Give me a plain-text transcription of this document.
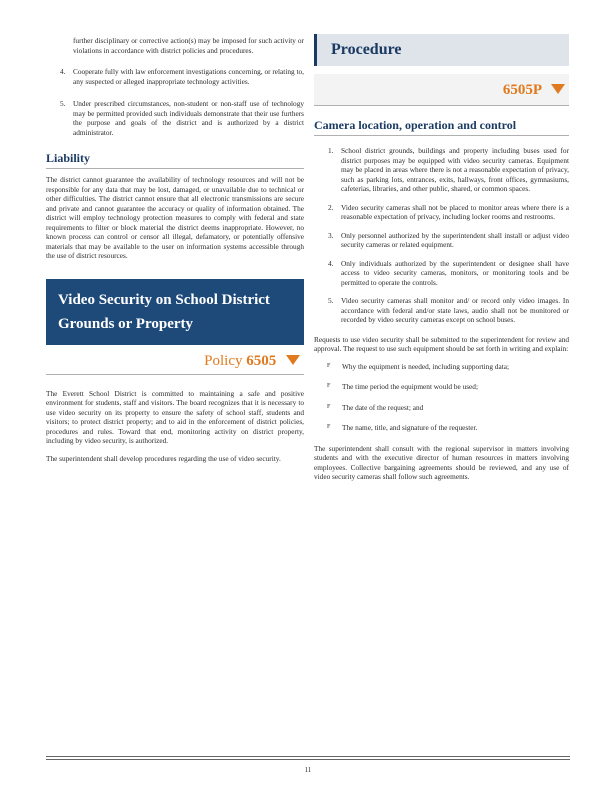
further disciplinary or corrective action(s) may be imposed for such activity or violations in accordance with district policies and procedures.
4. Cooperate fully with law enforcement investigations concerning, or relating to, any suspected or alleged inappropriate technology activities.
5. Under prescribed circumstances, non-student or non-staff use of technology may be permitted provided such individuals demonstrate that their use furthers the purpose and goals of the district and is authorized by a district administrator.
Liability
The district cannot guarantee the availability of technology resources and will not be responsible for any data that may be lost, damaged, or unavailable due to technical or other difficulties. The district cannot ensure that all electronic transmissions are secure and private and cannot guarantee the accuracy or quality of information obtained. The district will employ technology protection measures to comply with federal and state requirements to filter or block material the district deems inappropriate. However, no known process can control or censor all illegal, defamatory, or potentially offensive materials that may be available to the user on information systems accessible through the use of district resources.
Video Security on School District
Grounds or Property
Policy 6505
The Everett School District is committed to maintaining a safe and positive environment for students, staff and visitors. The board recognizes that it is necessary to use video security on its property to ensure the safety of school staff, students and visitors; to protect district property; and to aid in the enforcement of district policies, procedures and rules. Toward that end, monitoring activity on district property, including by video security, is authorized.
The superintendent shall develop procedures regarding the use of video security.
Procedure
6505P
Camera location, operation and control
1. School district grounds, buildings and property including buses used for district purposes may be equipped with video security cameras. Equipment may be placed in areas where there is not a reasonable expectation of privacy, such as parking lots, entrances, exits, hallways, front offices, gymnasiums, cafeterias, libraries, and other public, shared, or common spaces.
2. Video security cameras shall not be placed to monitor areas where there is a reasonable expectation of privacy, including locker rooms and restrooms.
3. Only personnel authorized by the superintendent shall install or adjust video security cameras or related equipment.
4. Only individuals authorized by the superintendent or designee shall have access to video security cameras, monitors, or monitoring tools and be permitted to operate the controls.
5. Video security cameras shall monitor and/ or record only video images. In accordance with federal and/or state laws, audio shall not be monitored or recorded by video security cameras except on school buses.
Requests to use video security shall be submitted to the superintendent for review and approval. The request to use such equipment should be set forth in writing and explain:
F Why the equipment is needed, including supporting data;
F The time period the equipment would be used;
F The date of the request; and
F The name, title, and signature of the requester.
The superintendent shall consult with the regional supervisor in matters involving students and with the executive director of human resources in matters involving employees. Collective bargaining agreements should be reviewed, and any use of video security cameras shall follow such agreements.
11
